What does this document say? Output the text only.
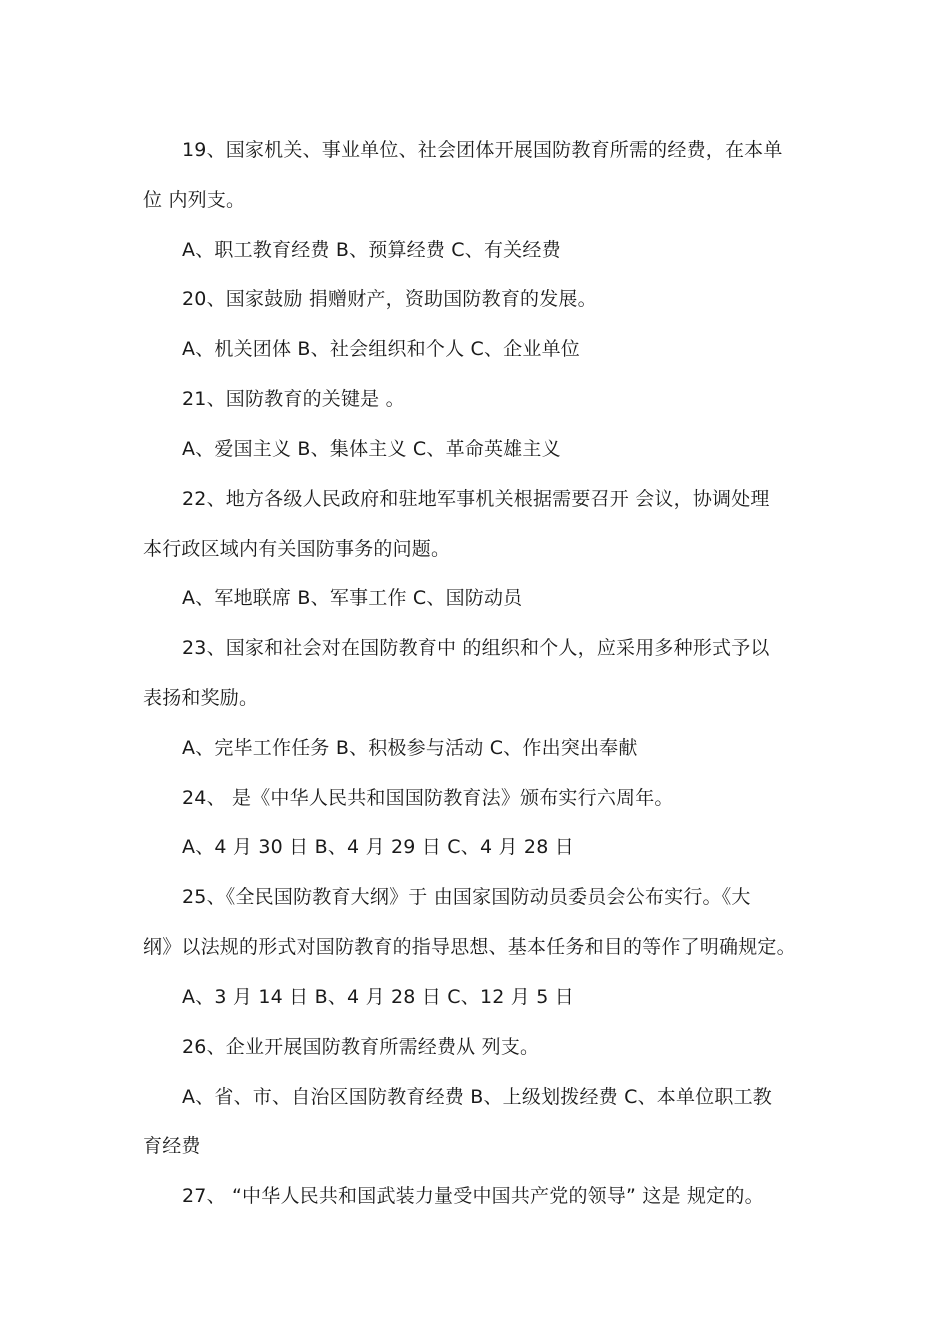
19、国家机关、事业单位、社会团体开展国防教育所需的经费，在本单
位 内列支。
A、职工教育经费 B、预算经费 C、有关经费
20、国家鼓励 捐赠财产，资助国防教育的发展。
A、机关团体 B、社会组织和个人 C、企业单位
21、国防教育的关键是 。
A、爱国主义 B、集体主义 C、革命英雄主义
22、地方各级人民政府和驻地军事机关根据需要召开 会议，协调处理
本行政区域内有关国防事务的问题。
A、军地联席 B、军事工作 C、国防动员
23、国家和社会对在国防教育中 的组织和个人，应采用多种形式予以
表扬和奖励。
A、完毕工作任务 B、积极参与活动 C、作出突出奉献
24、 是《中华人民共和国国防教育法》颁布实行六周年。
A、4 月 30 日 B、4 月 29 日 C、4 月 28 日
25、《全民国防教育大纲》于 由国家国防动员委员会公布实行。《大
纲》以法规的形式对国防教育的指导思想、基本任务和目的等作了明确规定。
A、3 月 14 日 B、4 月 28 日 C、12 月 5 日
26、企业开展国防教育所需经费从 列支。
A、省、市、自治区国防教育经费 B、上级划拨经费 C、本单位职工教
育经费
27、 “中华人民共和国武装力量受中国共产党的领导” 这是 规定的。
